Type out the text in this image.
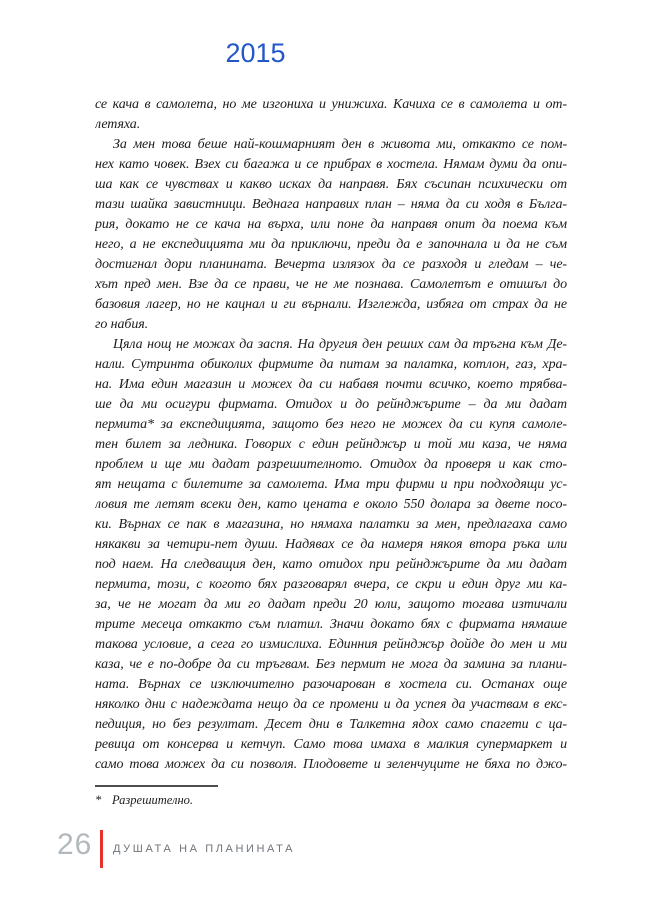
2015
се кача в самолета, но ме изгониха и унижиха. Качиха се в самолета и от-
летяха.
За мен това беше най-кошмарният ден в живота ми, откакто се пом-
нех като човек. Взех си багажа и се прибрах в хостела. Нямам думи да опи-
ша как се чувствах и какво исках да направя. Бях съсипан психически от
тази шайка завистници. Веднага направих план – няма да си ходя в Бълга-
рия, докато не се кача на върха, или поне да направя опит да поема към
него, а не експедицията ми да приключи, преди да е започнала и да не съм
достигнал дори планината. Вечерта излязох да се разходя и гледам – че-
хът пред мен. Взе да се прави, че не ме познава. Самолетът е отишъл до
базовия лагер, но не кацнал и ги върнали. Изглежда, избяга от страх да не
го набия.
Цяла нощ не можах да заспя. На другия ден реших сам да тръгна към Де-
нали. Сутринта обиколих фирмите да питам за палатка, котлон, газ, хра-
на. Има един магазин и можех да си набавя почти всичко, което трябва-
ше да ми осигури фирмата. Отидох и до рейнджърите – да ми дадат
пермита* за експедицията, защото без него не можех да си купя самоле-
тен билет за ледника. Говорих с един рейнджър и той ми каза, че няма
проблем и ще ми дадат разрешителното. Отидох да проверя и как сто-
ят нещата с билетите за самолета. Има три фирми и при подходящи ус-
ловия те летят всеки ден, като цената е около 550 долара за двете посо-
ки. Върнах се пак в магазина, но нямаха палатки за мен, предлагаха само
някакви за четири-пет души. Надявах се да намеря някоя втора ръка или
под наем. На следващия ден, като отидох при рейнджърите да ми дадат
пермита, този, с когото бях разговарял вчера, се скри и един друг ми ка-
за, че не могат да ми го дадат преди 20 юли, защото тогава изтичали
трите месеца откакто съм платил. Значи докато бях с фирмата нямаше
такова условие, а сега го измислиха. Единния рейнджър дойде до мен и ми
каза, че е по-добре да си тръгвам. Без пермит не мога да замина за плани-
ната. Върнах се изключително разочарован в хостела си. Останах още
няколко дни с надеждата нещо да се промени и да успея да участвам в екс-
педиция, но без резултат. Десет дни в Талкетна ядох само спагети с ца-
ревица от консерва и кетчуп. Само това имаха в малкия супермаркет и
само това можех да си позволя. Плодовете и зеленчуците не бяха по джо-
* Разрешително.
26 ДУШАТА НА ПЛАНИНАТА
